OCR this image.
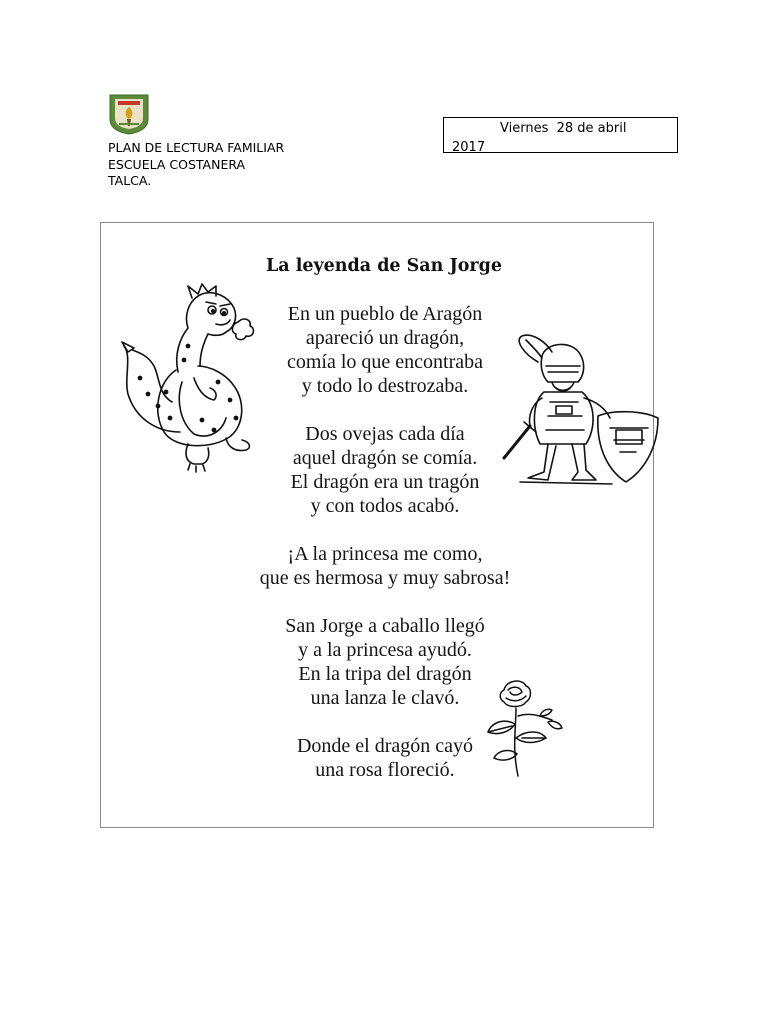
PLAN DE LECTURA FAMILIAR
ESCUELA COSTANERA
TALCA.
Viernes  28 de abril
2017
La leyenda de San Jorge
En un pueblo de Aragón
apareció un dragón,
comía lo que encontraba
y todo lo destrozaba.
Dos ovejas cada día
aquel dragón se comía.
El dragón era un tragón
y con todos acabó.
¡A la princesa me como,
que es hermosa y muy sabrosa!
San Jorge a caballo llegó
y a la princesa ayudó.
En la tripa del dragón
una lanza le clavó.
Donde el dragón cayó
una rosa floreció.
